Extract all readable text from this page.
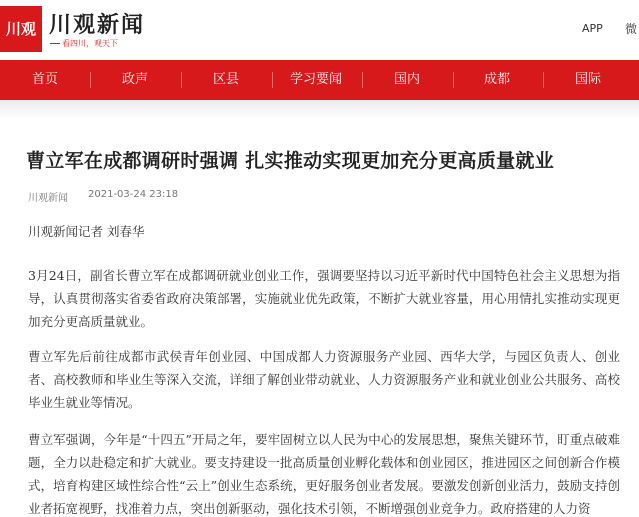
川观 川观新闻
看四川，观天下
APP 微
首页	政声	区县	学习要闻	国内	成都	国际
曹立军在成都调研时强调 扎实推动实现更加充分更高质量就业
川观新闻 2021-03-24 23:18

川观新闻记者 刘春华

3月24日，副省长曹立军在成都调研就业创业工作，强调要坚持以习近平新时代中国特色社会主义思想为指导，认真贯彻落实省委省政府决策部署，实施就业优先政策，不断扩大就业容量，用心用情扎实推动实现更加充分更高质量就业。

曹立军先后前往成都市武侯青年创业园、中国成都人力资源服务产业园、西华大学，与园区负责人、创业者、高校教师和毕业生等深入交流，详细了解创业带动就业、人力资源服务产业和就业创业公共服务、高校毕业生就业等情况。

曹立军强调，今年是“十四五”开局之年，要牢固树立以人民为中心的发展思想，聚焦关键环节，盯重点破难题，全力以赴稳定和扩大就业。要支持建设一批高质量创业孵化载体和创业园区，推进园区之间创新合作模式，培育构建区域性综合性“云上”创业生态系统，更好服务创业者发展。要激发创新创业活力，鼓励支持创业者拓宽视野，找准着力点，突出创新驱动，强化技术引领，不断增强创业竞争力。政府搭建的人力资
